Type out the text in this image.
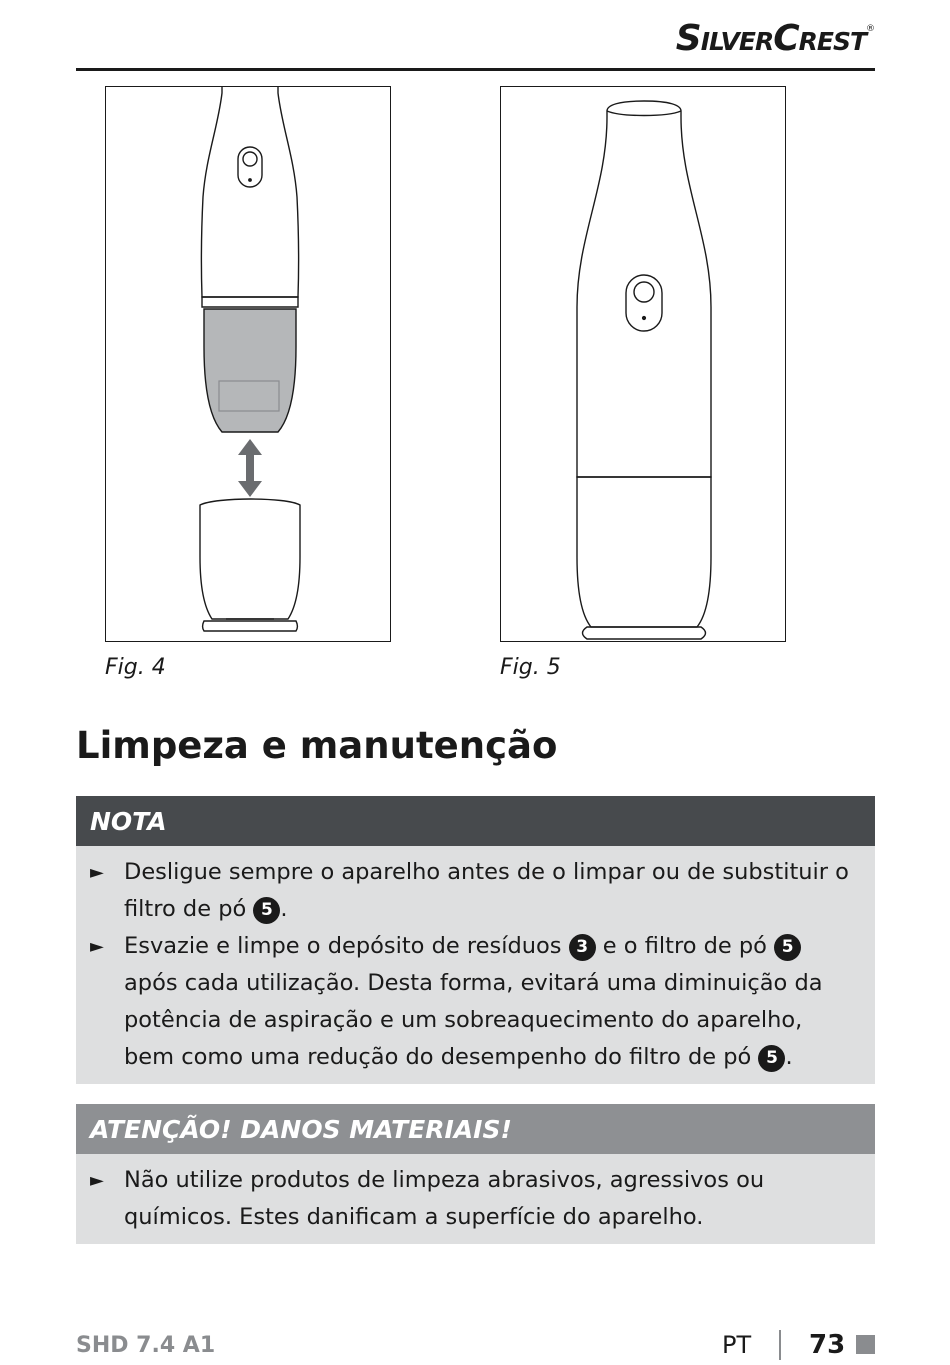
SilverCrest®
Fig. 4	Fig. 5
Limpeza e manutenção
NOTA
► Desligue sempre o aparelho antes de o limpar ou de substituir o filtro de pó 5 .
► Esvazie e limpe o depósito de resíduos 3 e o filtro de pó 5 após cada utilização. Desta forma, evitará uma diminuição da potência de aspiração e um sobreaquecimento do aparelho, bem como uma redução do desempenho do filtro de pó 5 .
ATENÇÃO! DANOS MATERIAIS!
► Não utilize produtos de limpeza abrasivos, agressivos ou químicos. Estes danificam a superfície do aparelho.
SHD 7.4 A1	PT 73
